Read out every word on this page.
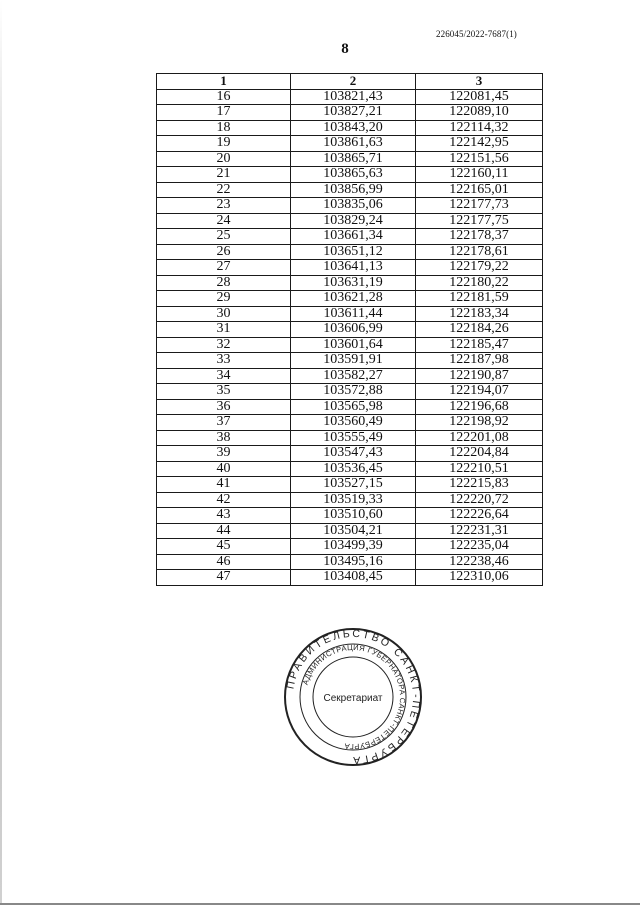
226045/2022-7687(1)
8
1	2	3
16	103821,43	122081,45
17	103827,21	122089,10
18	103843,20	122114,32
19	103861,63	122142,95
20	103865,71	122151,56
21	103865,63	122160,11
22	103856,99	122165,01
23	103835,06	122177,73
24	103829,24	122177,75
25	103661,34	122178,37
26	103651,12	122178,61
27	103641,13	122179,22
28	103631,19	122180,22
29	103621,28	122181,59
30	103611,44	122183,34
31	103606,99	122184,26
32	103601,64	122185,47
33	103591,91	122187,98
34	103582,27	122190,87
35	103572,88	122194,07
36	103565,98	122196,68
37	103560,49	122198,92
38	103555,49	122201,08
39	103547,43	122204,84
40	103536,45	122210,51
41	103527,15	122215,83
42	103519,33	122220,72
43	103510,60	122226,64
44	103504,21	122231,31
45	103499,39	122235,04
46	103495,16	122238,46
47	103408,45	122310,06
ПРАВИТЕЛЬСТВО САНКТ-ПЕТЕРБУРГА
АДМИНИСТРАЦИЯ ГУБЕРНАТОРА САНКТ-ПЕТЕРБУРГА
Секретариат
